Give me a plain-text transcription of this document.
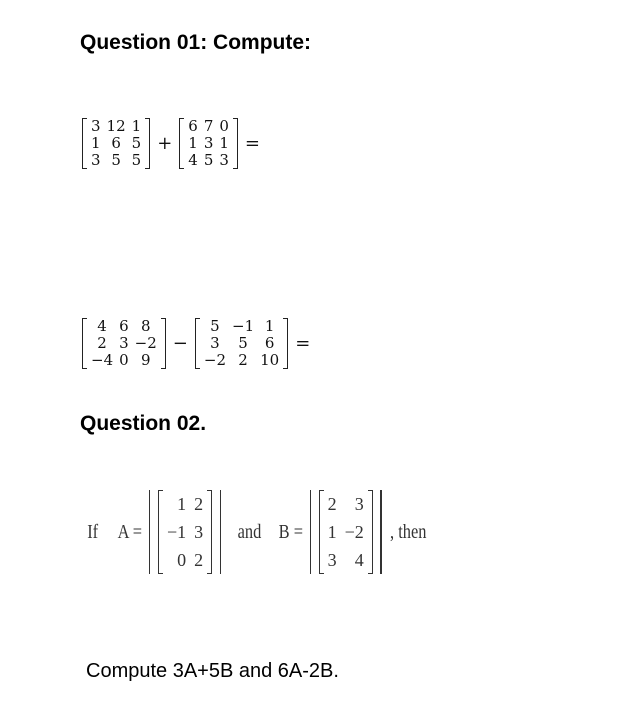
Question 01: Compute:
3	12	1
1	6	5
3	5	5
+
6	7	0
1	3	1
4	5	3
=
4	6	8
2	3	−2
−4	0	9
−
5	−1	1
3	5	6
−2	2	10
=
Question 02.
If A =
1	2
−1	3
0	2
and B =
2	3
1	−2
3	4
, then

Compute 3A+5B and 6A-2B.
